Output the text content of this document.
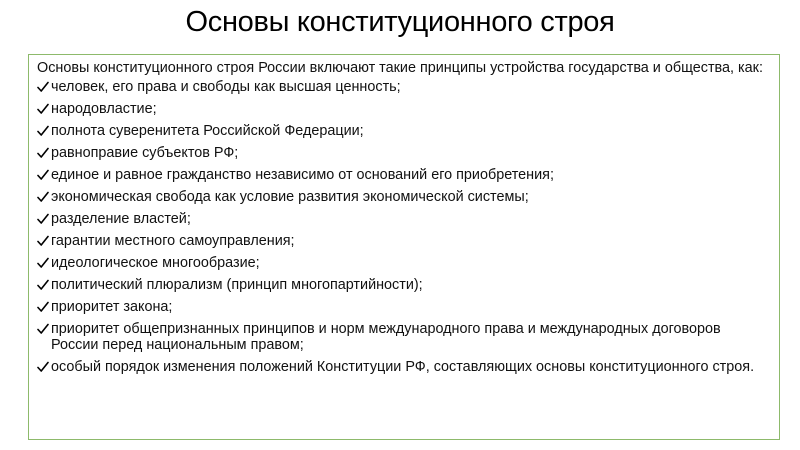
Основы конституционного строя

Основы конституционного строя России включают такие принципы устройства государства и общества, как:

человек, его права и свободы как высшая ценность;
народовластие;
полнота суверенитета Российской Федерации;
равноправие субъектов РФ;
единое и равное гражданство независимо от оснований его приобретения;
экономическая свобода как условие развития экономической системы;
разделение властей;
гарантии местного самоуправления;
идеологическое многообразие;
политический плюрализм (принцип многопартийности);
приоритет закона;
приоритет общепризнанных принципов и норм международного права и международных договоров России перед национальным правом;
особый порядок изменения положений Конституции РФ, составляющих основы конституционного строя.
